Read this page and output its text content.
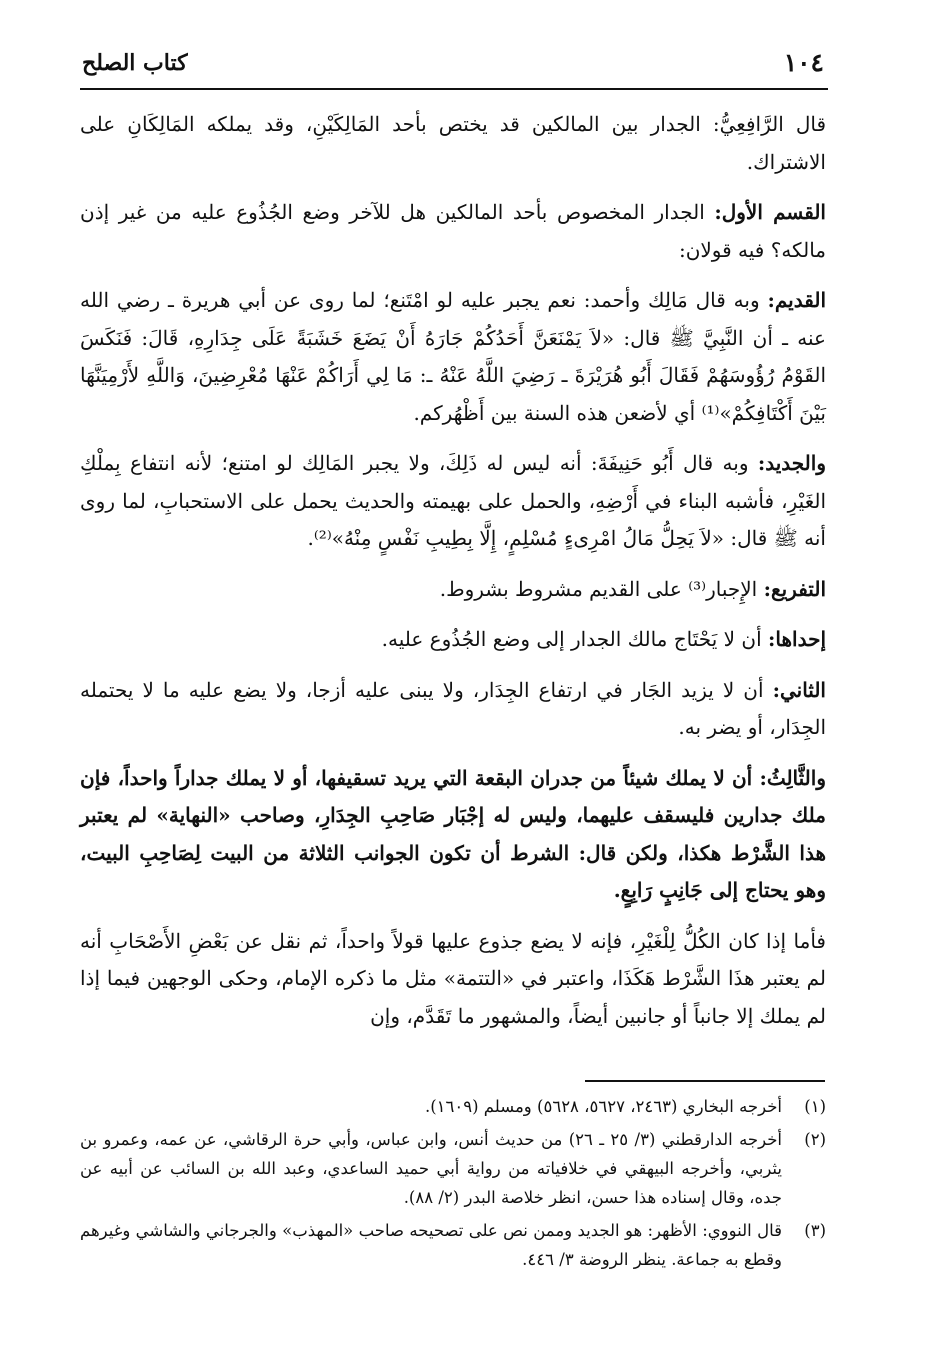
١٠٤
كتاب الصلح

قال الرَّافِعِيُّ: الجدار بين المالكين قد يختص بأحد المَالِكَيْنِ، وقد يملكه المَالِكَانِ على الاشتراك.

القسم الأول: الجدار المخصوص بأحد المالكين هل للآخر وضع الجُذُوع عليه من غير إذن مالكه؟ فيه قولان:

القديم: وبه قال مَالِك وأحمد: نعم يجبر عليه لو امْتَنع؛ لما روى عن أبي هريرة ـ رضي الله عنه ـ أن النَّبِيَّ ﷺ قال: «لاَ يَمْنَعَنَّ أَحَدُكُمْ جَارَهُ أَنْ يَضَعَ خَشَبَةً عَلَى جِدَارِهِ، قَالَ: فَنَكَسَ القَوْمُ رُؤُوسَهُمْ فَقَالَ أَبُو هُرَيْرَةَ ـ رَضِيَ اللَّهُ عَنْهُ ـ: مَا لِي أَرَاكُمْ عَنْهَا مُعْرِضِينَ، وَاللَّهِ لأَرْمِيَنَّهَا بَيْنَ أَكْتَافِكُمْ»⁽¹⁾ أي لأضعن هذه السنة بين أَظْهُركم.

والجديد: وبه قال أَبُو حَنِيفَةَ: أنه ليس له ذَلِكَ، ولا يجبر المَالِك لو امتنع؛ لأنه انتفاع بِملْكِ الغَيْرِ، فأشبه البناء في أَرْضِهِ، والحمل على بهيمته والحديث يحمل على الاستحبابِ، لما روى أنه ﷺ قال: «لاَ يَحِلُّ مَالُ امْرِىءٍ مُسْلِمٍ، إِلَّا بِطِيبِ نَفْسٍ مِنْهُ»⁽²⁾.

التفريع: الإِجبار⁽³⁾ على القديم مشروط بشروط.

إحداها: أن لا يَحْتَاج مالك الجدار إلى وضع الجُذُوع عليه.

الثاني: أن لا يزيد الجَار في ارتفاع الجِدَار، ولا يبنى عليه أزجا، ولا يضع عليه ما لا يحتمله الجِدَار، أو يضر به.

والثَّالِثُ: أن لا يملك شيئاً من جدران البقعة التي يريد تسقيفها، أو لا يملك جداراً واحداً، فإن ملك جدارين فليسقف عليهما، وليس له إجْبَار صَاحِبِ الجِدَارِ، وصاحب «النهاية» لم يعتبر هذا الشَّرْط هكذا، ولكن قال: الشرط أن تكون الجوانب الثلاثة من البيت لِصَاحِبِ البيت، وهو يحتاج إلى جَانِبٍ رَابِعٍ.

فأما إذا كان الكُلُّ لِلْغَيْرِ، فإنه لا يضع جذوع عليها قولاً واحداً، ثم نقل عن بَعْضِ الأَصْحَابِ أنه لم يعتبر هذَا الشَّرْط هَكَذَا، واعتبر في «التتمة» مثل ما ذكره الإمام، وحكى الوجهين فيما إذا لم يملك إلا جانباً أو جانبين أيضاً، والمشهور ما تَقَدَّم، وإن

(١)
أخرجه البخاري (٢٤٦٣، ٥٦٢٧، ٥٦٢٨) ومسلم (١٦٠٩).
(٢)
أخرجه الدارقطني (٣/ ٢٥ ـ ٢٦) من حديث أنس، وابن عباس، وأبي حرة الرقاشي، عن عمه، وعمرو بن يثربي، وأخرجه البيهقي في خلافياته من رواية أبي حميد الساعدي، وعبد الله بن السائب عن أبيه عن جده، وقال إسناده هذا حسن، انظر خلاصة البدر (٢/ ٨٨).
(٣)
قال النووي: الأظهر: هو الجديد وممن نص على تصحيحه صاحب «المهذب» والجرجاني والشاشي وغيرهم وقطع به جماعة. ينظر الروضة ٣/ ٤٤٦.
